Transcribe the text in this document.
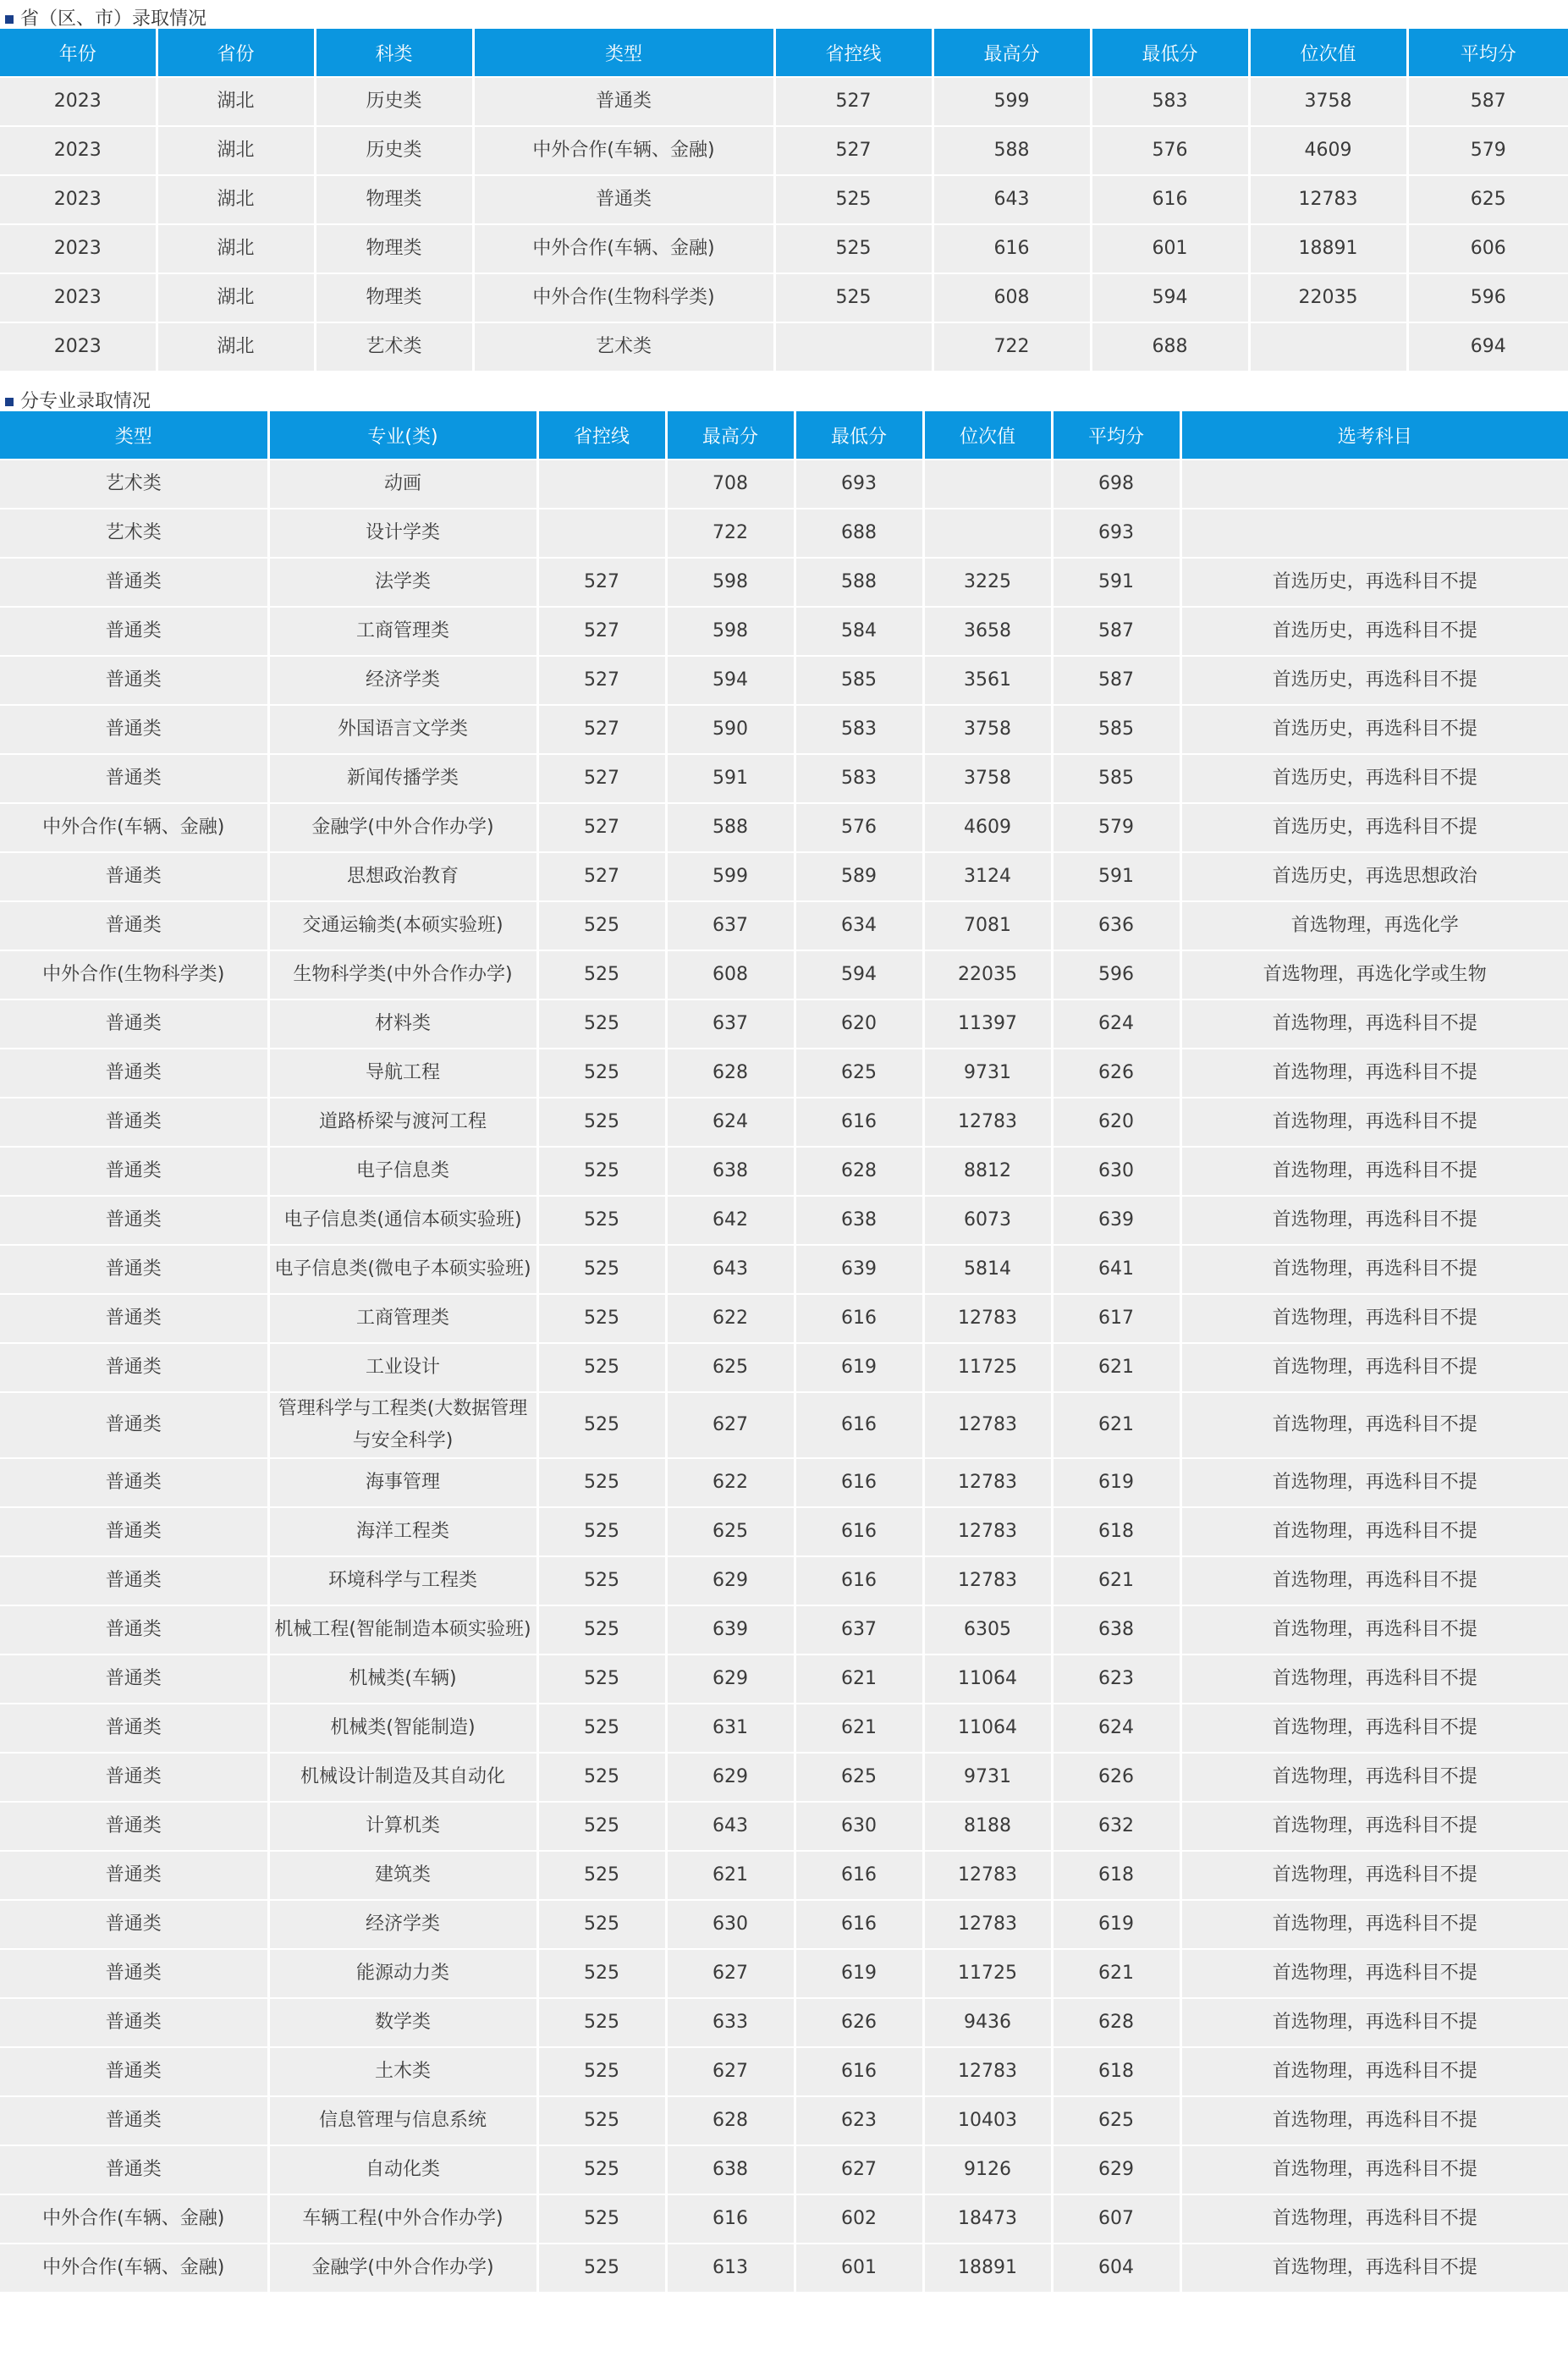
省（区、市）录取情况
年份	省份	科类	类型	省控线	最高分	最低分	位次值	平均分
2023	湖北	历史类	普通类	527	599	583	3758	587
2023	湖北	历史类	中外合作(车辆、金融)	527	588	576	4609	579
2023	湖北	物理类	普通类	525	643	616	12783	625
2023	湖北	物理类	中外合作(车辆、金融)	525	616	601	18891	606
2023	湖北	物理类	中外合作(生物科学类)	525	608	594	22035	596
2023	湖北	艺术类	艺术类		722	688		694
分专业录取情况
类型	专业(类)	省控线	最高分	最低分	位次值	平均分	选考科目
艺术类	动画		708	693		698	
艺术类	设计学类		722	688		693	
普通类	法学类	527	598	588	3225	591	首选历史，再选科目不提
普通类	工商管理类	527	598	584	3658	587	首选历史，再选科目不提
普通类	经济学类	527	594	585	3561	587	首选历史，再选科目不提
普通类	外国语言文学类	527	590	583	3758	585	首选历史，再选科目不提
普通类	新闻传播学类	527	591	583	3758	585	首选历史，再选科目不提
中外合作(车辆、金融)	金融学(中外合作办学)	527	588	576	4609	579	首选历史，再选科目不提
普通类	思想政治教育	527	599	589	3124	591	首选历史，再选思想政治
普通类	交通运输类(本硕实验班)	525	637	634	7081	636	首选物理，再选化学
中外合作(生物科学类)	生物科学类(中外合作办学)	525	608	594	22035	596	首选物理，再选化学或生物
普通类	材料类	525	637	620	11397	624	首选物理，再选科目不提
普通类	导航工程	525	628	625	9731	626	首选物理，再选科目不提
普通类	道路桥梁与渡河工程	525	624	616	12783	620	首选物理，再选科目不提
普通类	电子信息类	525	638	628	8812	630	首选物理，再选科目不提
普通类	电子信息类(通信本硕实验班)	525	642	638	6073	639	首选物理，再选科目不提
普通类	电子信息类(微电子本硕实验班)	525	643	639	5814	641	首选物理，再选科目不提
普通类	工商管理类	525	622	616	12783	617	首选物理，再选科目不提
普通类	工业设计	525	625	619	11725	621	首选物理，再选科目不提
普通类	管理科学与工程类(大数据管理与安全科学)	525	627	616	12783	621	首选物理，再选科目不提
普通类	海事管理	525	622	616	12783	619	首选物理，再选科目不提
普通类	海洋工程类	525	625	616	12783	618	首选物理，再选科目不提
普通类	环境科学与工程类	525	629	616	12783	621	首选物理，再选科目不提
普通类	机械工程(智能制造本硕实验班)	525	639	637	6305	638	首选物理，再选科目不提
普通类	机械类(车辆)	525	629	621	11064	623	首选物理，再选科目不提
普通类	机械类(智能制造)	525	631	621	11064	624	首选物理，再选科目不提
普通类	机械设计制造及其自动化	525	629	625	9731	626	首选物理，再选科目不提
普通类	计算机类	525	643	630	8188	632	首选物理，再选科目不提
普通类	建筑类	525	621	616	12783	618	首选物理，再选科目不提
普通类	经济学类	525	630	616	12783	619	首选物理，再选科目不提
普通类	能源动力类	525	627	619	11725	621	首选物理，再选科目不提
普通类	数学类	525	633	626	9436	628	首选物理，再选科目不提
普通类	土木类	525	627	616	12783	618	首选物理，再选科目不提
普通类	信息管理与信息系统	525	628	623	10403	625	首选物理，再选科目不提
普通类	自动化类	525	638	627	9126	629	首选物理，再选科目不提
中外合作(车辆、金融)	车辆工程(中外合作办学)	525	616	602	18473	607	首选物理，再选科目不提
中外合作(车辆、金融)	金融学(中外合作办学)	525	613	601	18891	604	首选物理，再选科目不提
